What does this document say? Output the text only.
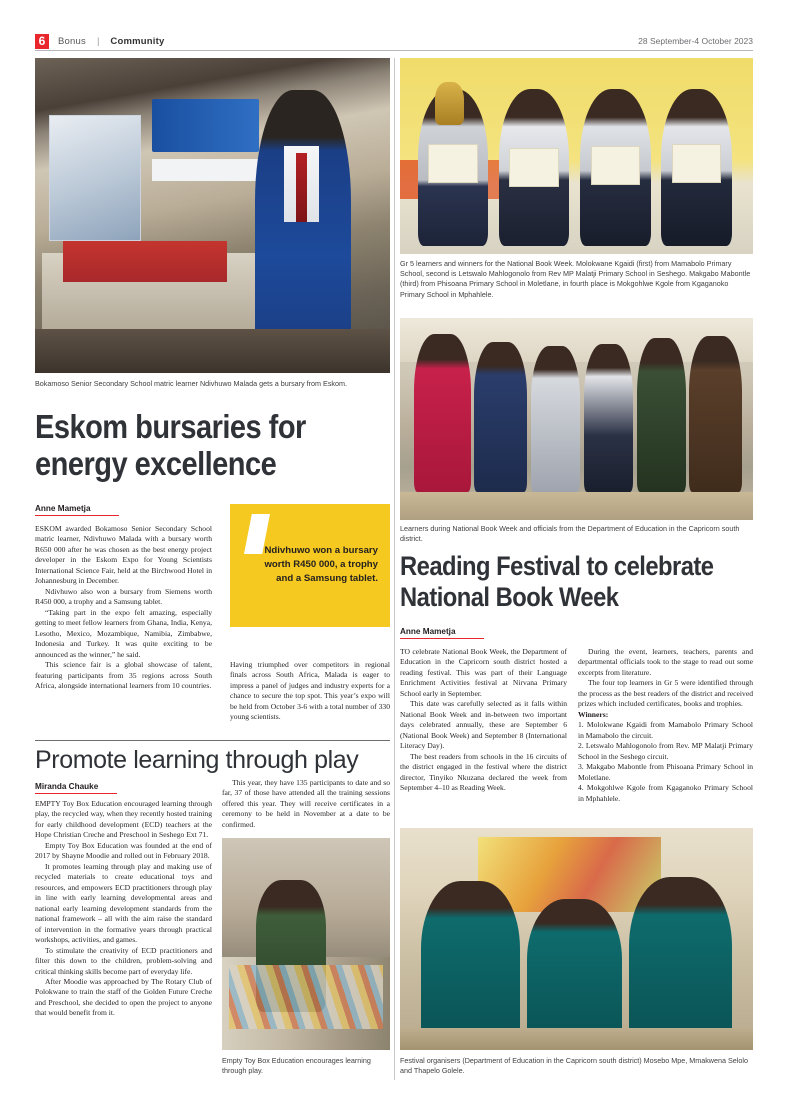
6	Bonus | Community	28 September-4 October 2023
Bokamoso Senior Secondary School matric learner Ndivhuwo Malada gets a bursary from Eskom.
Eskom bursaries for
energy excellence
Anne Mametja

ESKOM awarded Bokamoso Senior Secondary School matric learner, Ndivhuwo Malada with a bursary worth R650 000 after he was chosen as the best energy project developer in the Eskom Expo for Young Scientists International Science Fair, held at the Birchwood Hotel in Johannesburg in December.

Ndivhuwo also won a bursary from Siemens worth R450 000, a trophy and a Samsung tablet.

“Taking part in the expo felt amazing, especially getting to meet fellow learners from Ghana, India, Kenya, Lesotho, Mexico, Mozambique, Namibia, Zimbabwe, Indonesia and Turkey. It was quite exciting to be announced as the winner,” he said.

This science fair is a global showcase of talent, featuring participants from 35 regions across South Africa, alongside international learners from 10 countries.

Ndivhuwo won a bursary worth R450 000, a trophy and a Samsung tablet.

Having triumphed over competitors in regional finals across South Africa, Malada is eager to impress a panel of judges and industry experts for a chance to secure the top spot. This year’s expo will be held from October 3-6 with a total number of 330 young scientists.

Promote learning through play
Miranda Chauke

EMPTY Toy Box Education encouraged learning through play, the recycled way, when they recently hosted training for early childhood development (ECD) teachers at the Hope Christian Creche and Preschool in Seshego Ext 71.

Empty Toy Box Education was founded at the end of 2017 by Shayne Moodie and rolled out in February 2018.

It promotes learning through play and making use of recycled materials to create educational toys and resources, and empowers ECD practitioners through play in line with early learning developmental areas and national early learning development standards from the national framework – all with the aim raise the standard of intervention in the formative years through practical workshops, activities, and games.

To stimulate the creativity of ECD practitioners and filter this down to the children, problem-solving and critical thinking skills become part of everyday life.

After Moodie was approached by The Rotary Club of Polokwane to train the staff of the Golden Future Creche and Preschool, she decided to open the project to anyone that would benefit from it.

This year, they have 135 participants to date and so far, 37 of those have attended all the training sessions offered this year. They will receive certificates in a ceremony to be held in November at a date to be confirmed.

Empty Toy Box Education encourages learning through play.
Gr 5 learners and winners for the National Book Week. Molokwane Kgaidi (first) from Mamabolo Primary School, second is Letswalo Mahlogonolo from Rev MP Malatji Primary School in Seshego. Makgabo Mabontle (third) from Phisoana Primary School in Moletlane, in fourth place is Mokgohlwe Kgole from Kgaganoko Primary School in Mphahlele.
Learners during National Book Week and officials from the Department of Education in the Capricorn south district.
Reading Festival to celebrate
National Book Week
Anne Mametja

TO celebrate National Book Week, the Department of Education in the Capricorn south district hosted a reading festival. This was part of their Language Enrichment Activities festival at Nirvana Primary School early in September.

This date was carefully selected as it falls within National Book Week and in-between two important days celebrated annually, these are September 6 (National Book Week) and September 8 (International Literacy Day).

The best readers from schools in the 16 circuits of the district engaged in the festival where the district director, Tinyiko Nkuzana declared the week from September 4–10 as Reading Week.

During the event, learners, teachers, parents and departmental officials took to the stage to read out some excerpts from literature.

The four top learners in Gr 5 were identified through the process as the best readers of the district and received prizes which included certificates, books and trophies.

Winners:

1. Molokwane Kgaidi from Mamabolo Primary School in Mamabolo the circuit.

2. Letswalo Mahlogonolo from Rev. MP Malatji Primary School in the Seshego circuit.

3. Makgabo Mabontle from Phisoana Primary School in Moletlane.

4. Mokgohlwe Kgole from Kgaganoko Primary School in Mphahlele.

Festival organisers (Department of Education in the Capricorn south district) Mosebo Mpe, Mmakwena Selolo and Thapelo Golele.
